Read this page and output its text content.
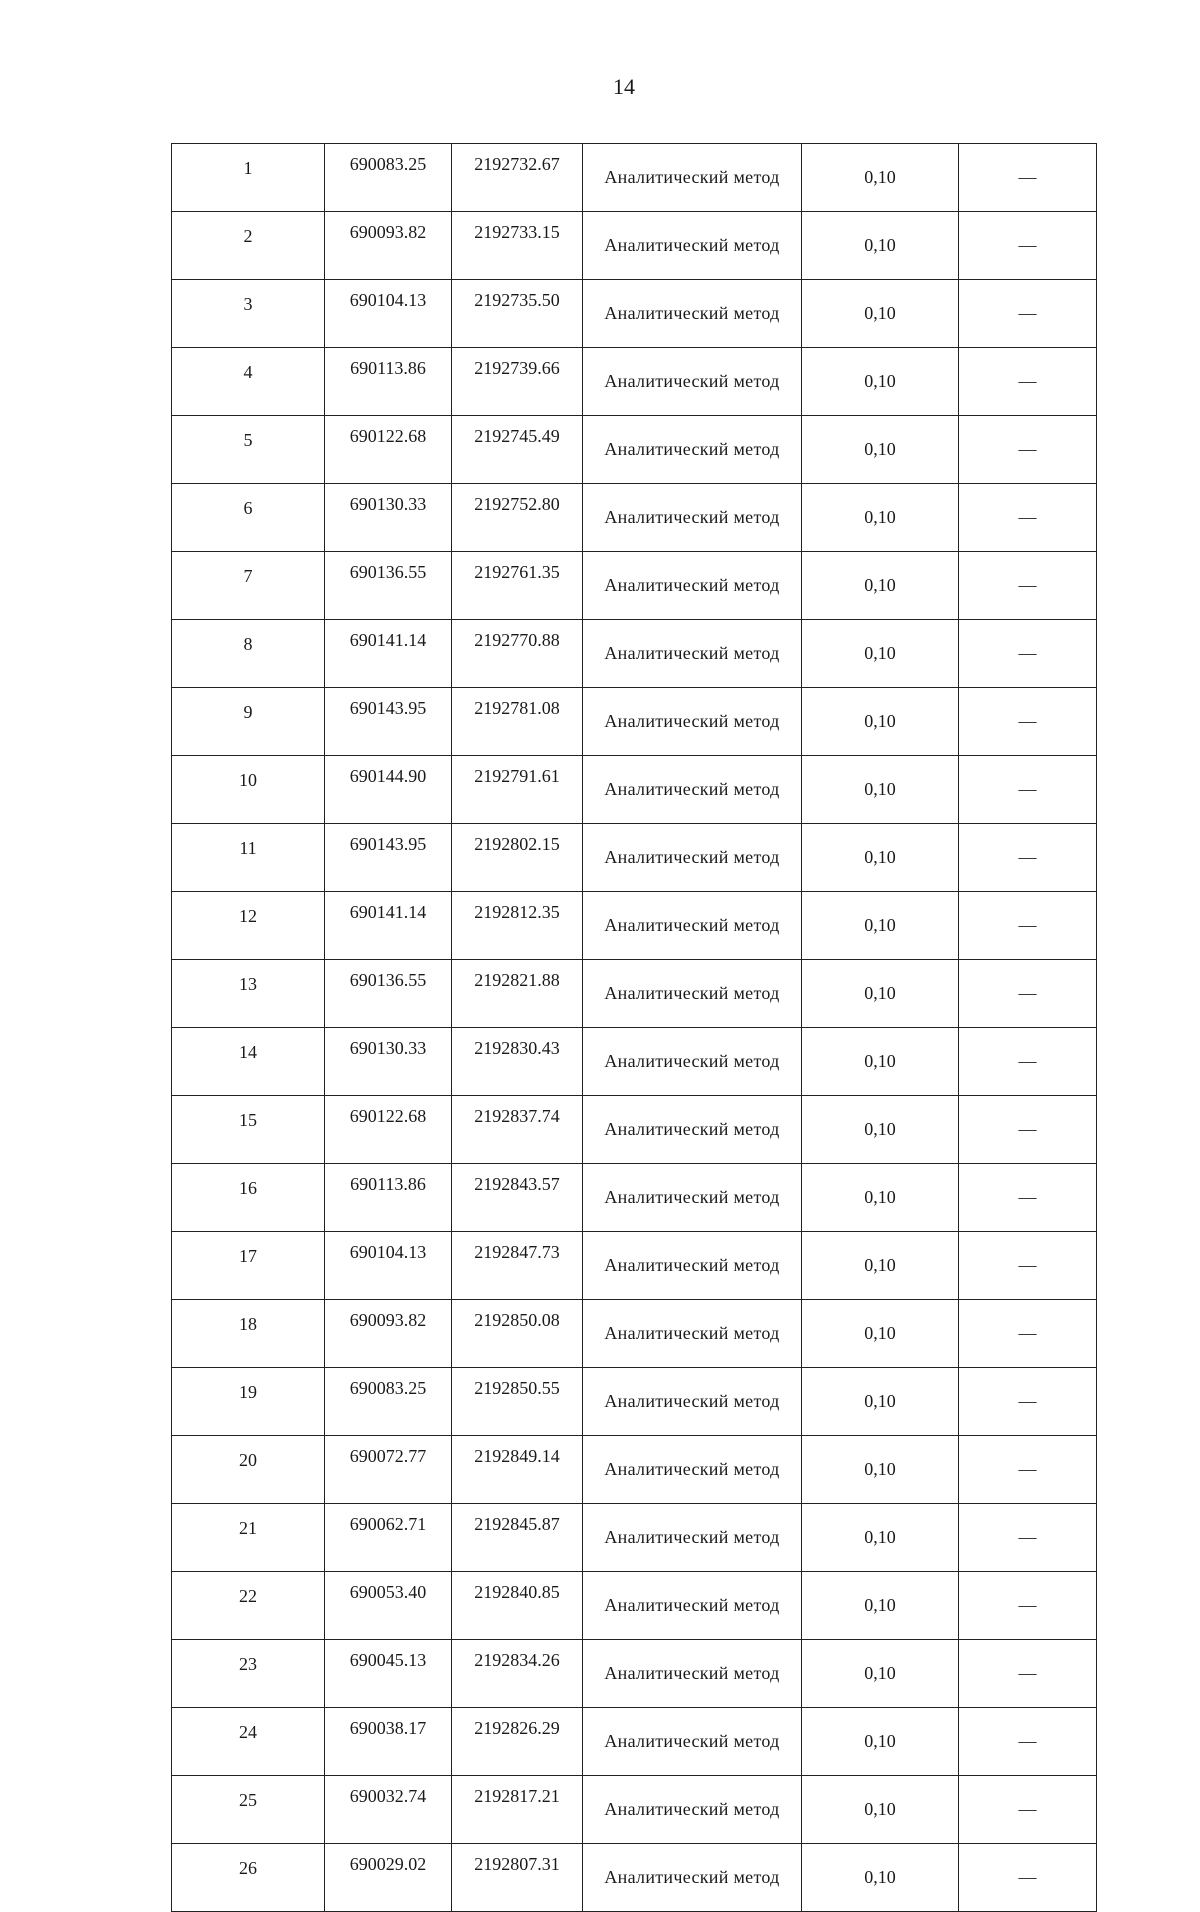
14
1	690083.25	2192732.67	Аналитический метод	0,10	—
2	690093.82	2192733.15	Аналитический метод	0,10	—
3	690104.13	2192735.50	Аналитический метод	0,10	—
4	690113.86	2192739.66	Аналитический метод	0,10	—
5	690122.68	2192745.49	Аналитический метод	0,10	—
6	690130.33	2192752.80	Аналитический метод	0,10	—
7	690136.55	2192761.35	Аналитический метод	0,10	—
8	690141.14	2192770.88	Аналитический метод	0,10	—
9	690143.95	2192781.08	Аналитический метод	0,10	—
10	690144.90	2192791.61	Аналитический метод	0,10	—
11	690143.95	2192802.15	Аналитический метод	0,10	—
12	690141.14	2192812.35	Аналитический метод	0,10	—
13	690136.55	2192821.88	Аналитический метод	0,10	—
14	690130.33	2192830.43	Аналитический метод	0,10	—
15	690122.68	2192837.74	Аналитический метод	0,10	—
16	690113.86	2192843.57	Аналитический метод	0,10	—
17	690104.13	2192847.73	Аналитический метод	0,10	—
18	690093.82	2192850.08	Аналитический метод	0,10	—
19	690083.25	2192850.55	Аналитический метод	0,10	—
20	690072.77	2192849.14	Аналитический метод	0,10	—
21	690062.71	2192845.87	Аналитический метод	0,10	—
22	690053.40	2192840.85	Аналитический метод	0,10	—
23	690045.13	2192834.26	Аналитический метод	0,10	—
24	690038.17	2192826.29	Аналитический метод	0,10	—
25	690032.74	2192817.21	Аналитический метод	0,10	—
26	690029.02	2192807.31	Аналитический метод	0,10	—
